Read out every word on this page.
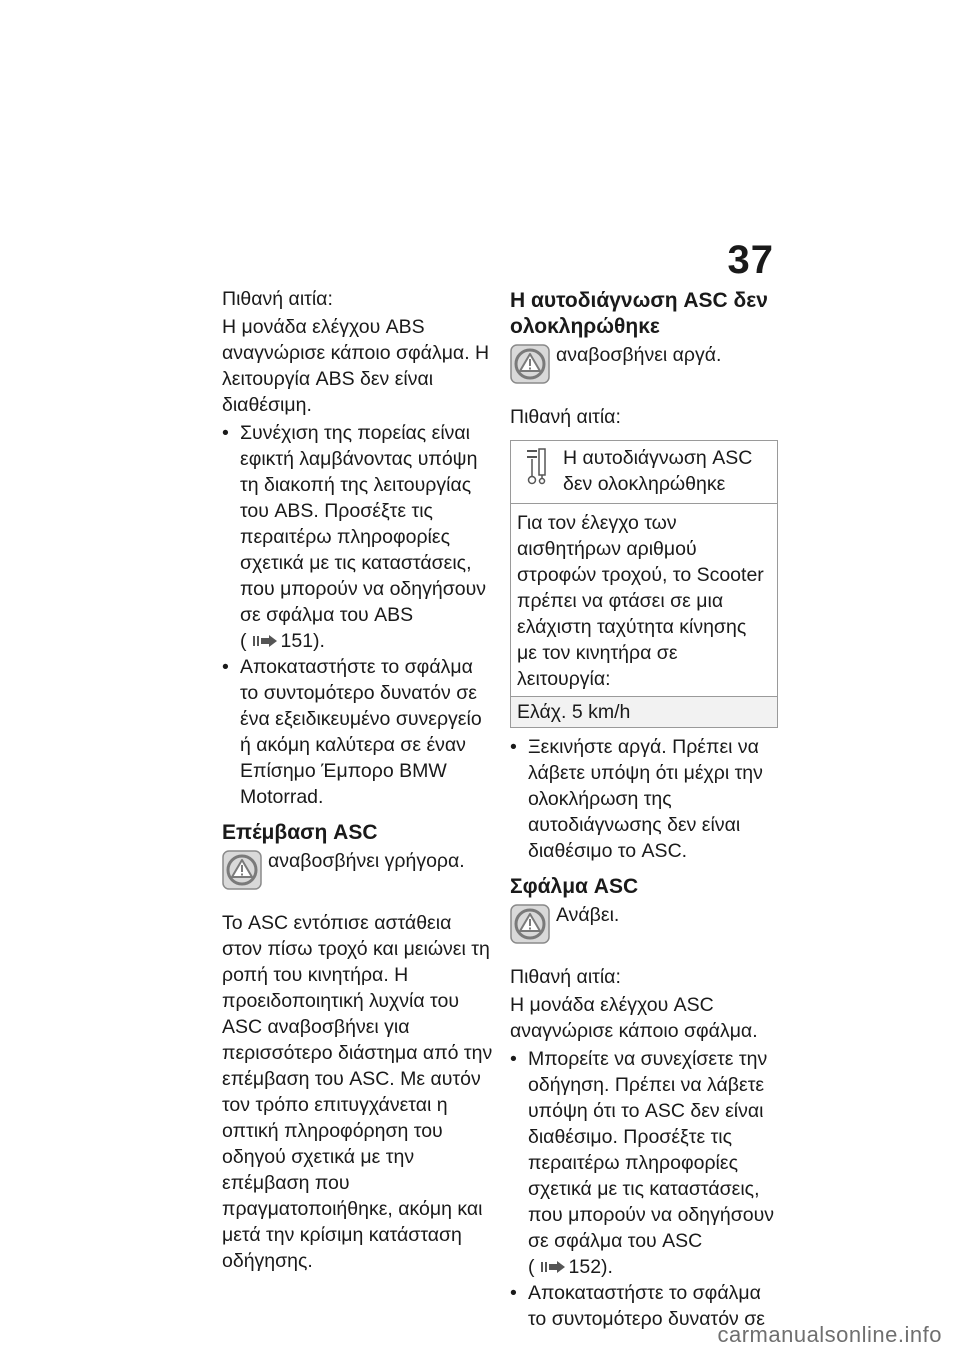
37

Πιθανή αιτία:

Η μονάδα ελέγχου ABS αναγνώρισε κάποιο σφάλμα. Η λειτουργία ABS δεν είναι διαθέσιμη.

• Συνέχιση της πορείας είναι εφικτή λαμβάνοντας υπόψη τη διακοπή της λειτουργίας του ABS. Προσέξτε τις περαιτέρω πληροφορίες σχετικά με τις καταστάσεις, που μπορούν να οδηγήσουν σε σφάλμα του ABS ( 151).
• Αποκαταστήστε το σφάλμα το συντομότερο δυνατόν σε ένα εξειδικευμένο συνεργείο ή ακόμη καλύτερα σε έναν Επίσημο Έμπορο BMW Motorrad.
Επέμβαση ASC
αναβοσβήνει γρήγορα.

Το ASC εντόπισε αστάθεια στον πίσω τροχό και μειώνει τη ροπή του κινητήρα. Η προειδοποιητική λυχνία του ASC αναβοσβήνει για περισσότερο διάστημα από την επέμβαση του ASC. Με αυτόν τον τρόπο επιτυγχάνεται η οπτική πληροφόρηση του οδηγού σχετικά με την επέμβαση που πραγματοποιήθηκε, ακόμη και μετά την κρίσιμη κατάσταση οδήγησης.

Η αυτοδιάγνωση ASC δεν ολοκληρώθηκε
αναβοσβήνει αργά.

Πιθανή αιτία:

Η αυτοδιάγνωση ASC δεν ολοκληρώθηκε
Για τον έλεγχο των αισθητήρων αριθμού στροφών τροχού, το Scooter πρέπει να φτάσει σε μια ελάχιστη ταχύτητα κίνησης με τον κινητήρα σε λειτουργία:
Ελάχ. 5 km/h
• Ξεκινήστε αργά. Πρέπει να λάβετε υπόψη ότι μέχρι την ολοκλήρωση της αυτοδιάγνωσης δεν είναι διαθέσιμο το ASC.
Σφάλμα ASC
Ανάβει.

Πιθανή αιτία:

Η μονάδα ελέγχου ASC αναγνώρισε κάποιο σφάλμα.

• Μπορείτε να συνεχίσετε την οδήγηση. Πρέπει να λάβετε υπόψη ότι το ASC δεν είναι διαθέσιμο. Προσέξτε τις περαιτέρω πληροφορίες σχετικά με τις καταστάσεις, που μπορούν να οδηγήσουν σε σφάλμα του ASC ( 152).
• Αποκαταστήστε το σφάλμα το συντομότερο δυνατόν σε
carmanualsonline.info
